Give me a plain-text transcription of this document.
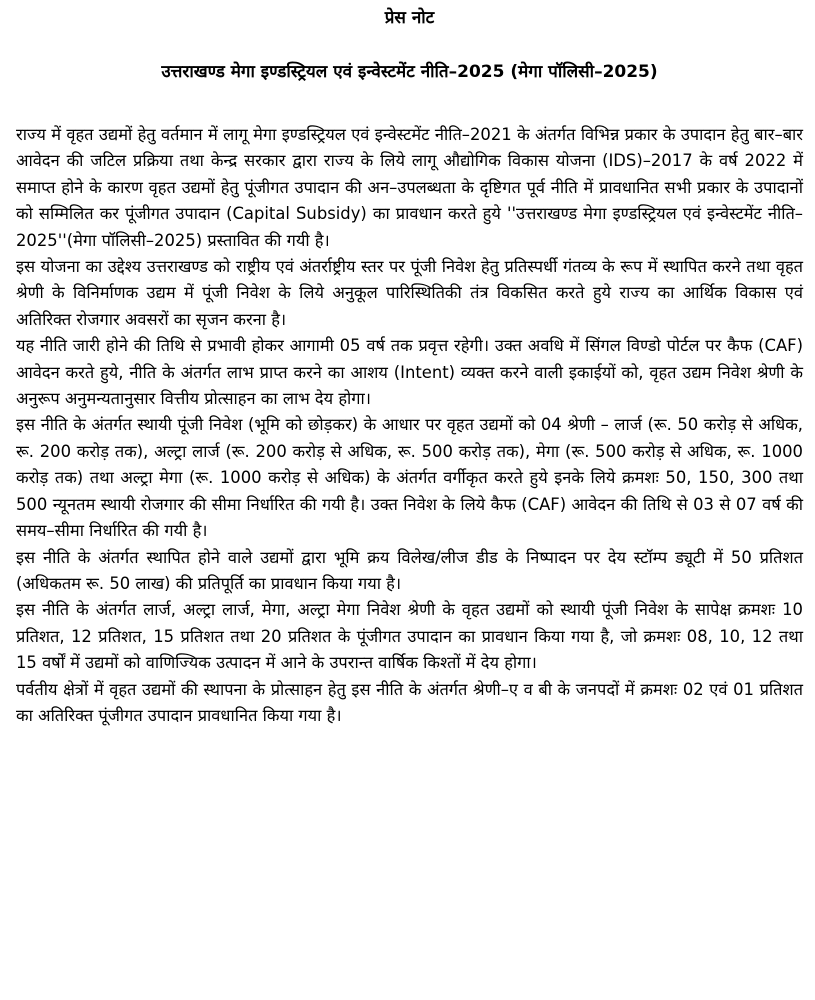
प्रेस नोट
उत्तराखण्ड मेगा इण्डस्ट्रियल एवं इन्वेस्टमेंट नीति–2025 (मेगा पॉलिसी–2025)

राज्य में वृहत उद्यमों हेतु वर्तमान में लागू मेगा इण्डस्ट्रियल एवं इन्वेस्टमेंट नीति–2021 के अंतर्गत विभिन्न प्रकार के उपादान हेतु बार–बार आवेदन की जटिल प्रक्रिया तथा केन्द्र सरकार द्वारा राज्य के लिये लागू औद्योगिक विकास योजना (IDS)–2017 के वर्ष 2022 में समाप्त होने के कारण वृहत उद्यमों हेतु पूंजीगत उपादान की अन–उपलब्धता के दृष्टिगत पूर्व नीति में प्रावधानित सभी प्रकार के उपादानों को सम्मिलित कर पूंजीगत उपादान (Capital Subsidy) का प्रावधान करते हुये ''उत्तराखण्ड मेगा इण्डस्ट्रियल एवं इन्वेस्टमेंट नीति–2025''(मेगा पॉलिसी–2025) प्रस्तावित की गयी है।

इस योजना का उद्देश्य उत्तराखण्ड को राष्ट्रीय एवं अंतर्राष्ट्रीय स्तर पर पूंजी निवेश हेतु प्रतिस्पर्धी गंतव्य के रूप में स्थापित करने तथा वृहत श्रेणी के विनिर्माणक उद्यम में पूंजी निवेश के लिये अनुकूल पारिस्थितिकी तंत्र विकसित करते हुये राज्य का आर्थिक विकास एवं अतिरिक्त रोजगार अवसरों का सृजन करना है।

यह नीति जारी होने की तिथि से प्रभावी होकर आगामी 05 वर्ष तक प्रवृत्त रहेगी। उक्त अवधि में सिंगल विण्डो पोर्टल पर कैफ (CAF) आवेदन करते हुये, नीति के अंतर्गत लाभ प्राप्त करने का आशय (Intent) व्यक्त करने वाली इकाईयों को, वृहत उद्यम निवेश श्रेणी के अनुरूप अनुमन्यतानुसार वित्तीय प्रोत्साहन का लाभ देय होगा।

इस नीति के अंतर्गत स्थायी पूंजी निवेश (भूमि को छोड़कर) के आधार पर वृहत उद्यमों को 04 श्रेणी – लार्ज (रू. 50 करोड़ से अधिक, रू. 200 करोड़ तक), अल्ट्रा लार्ज (रू. 200 करोड़ से अधिक, रू. 500 करोड़ तक), मेगा (रू. 500 करोड़ से अधिक, रू. 1000 करोड़ तक) तथा अल्ट्रा मेगा (रू. 1000 करोड़ से अधिक) के अंतर्गत वर्गीकृत करते हुये इनके लिये क्रमशः 50, 150, 300 तथा 500 न्यूनतम स्थायी रोजगार की सीमा निर्धारित की गयी है। उक्त निवेश के लिये कैफ (CAF) आवेदन की तिथि से 03 से 07 वर्ष की समय–सीमा निर्धारित की गयी है।

इस नीति के अंतर्गत स्थापित होने वाले उद्यमों द्वारा भूमि क्रय विलेख/लीज डीड के निष्पादन पर देय स्टॉम्प ड्यूटी में 50 प्रतिशत (अधिकतम रू. 50 लाख) की प्रतिपूर्ति का प्रावधान किया गया है।

इस नीति के अंतर्गत लार्ज, अल्ट्रा लार्ज, मेगा, अल्ट्रा मेगा निवेश श्रेणी के वृहत उद्यमों को स्थायी पूंजी निवेश के सापेक्ष क्रमशः 10 प्रतिशत, 12 प्रतिशत, 15 प्रतिशत तथा 20 प्रतिशत के पूंजीगत उपादान का प्रावधान किया गया है, जो क्रमशः 08, 10, 12 तथा 15 वर्षों में उद्यमों को वाणिज्यिक उत्पादन में आने के उपरान्त वार्षिक किश्तों में देय होगा।

पर्वतीय क्षेत्रों में वृहत उद्यमों की स्थापना के प्रोत्साहन हेतु इस नीति के अंतर्गत श्रेणी–ए व बी के जनपदों में क्रमशः 02 एवं 01 प्रतिशत का अतिरिक्त पूंजीगत उपादान प्रावधानित किया गया है।
